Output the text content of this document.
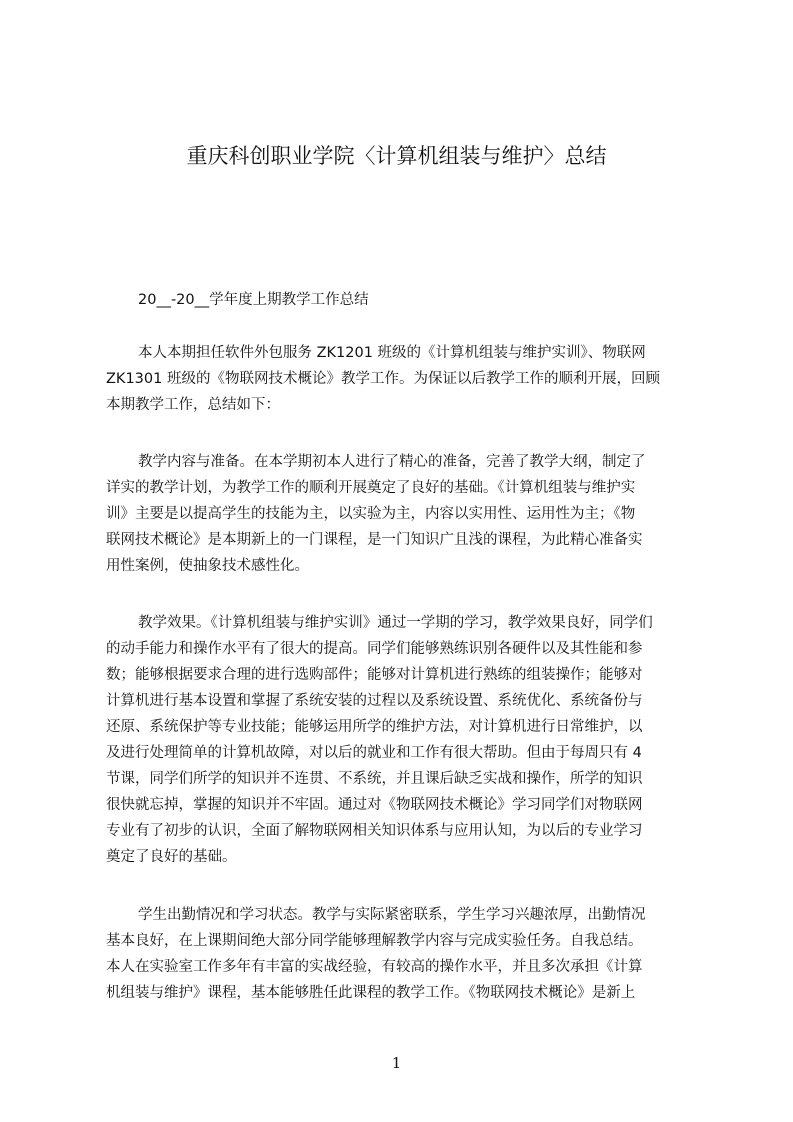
重庆科创职业学院〈计算机组装与维护〉总结
20__-20__学年度上期教学工作总结
本人本期担任软件外包服务 ZK1201 班级的《计算机组装与维护实训》、物联网
ZK1301 班级的《物联网技术概论》教学工作。为保证以后教学工作的顺利开展，回顾
本期教学工作，总结如下：
教学内容与准备。在本学期初本人进行了精心的准备，完善了教学大纲，制定了
详实的教学计划，为教学工作的顺利开展奠定了良好的基础。《计算机组装与维护实
训》主要是以提高学生的技能为主，以实验为主，内容以实用性、运用性为主；《物
联网技术概论》是本期新上的一门课程，是一门知识广且浅的课程，为此精心准备实
用性案例，使抽象技术感性化。
教学效果。《计算机组装与维护实训》通过一学期的学习，教学效果良好，同学们
的动手能力和操作水平有了很大的提高。同学们能够熟练识别各硬件以及其性能和参
数；能够根据要求合理的进行选购部件；能够对计算机进行熟练的组装操作；能够对
计算机进行基本设置和掌握了系统安装的过程以及系统设置、系统优化、系统备份与
还原、系统保护等专业技能；能够运用所学的维护方法，对计算机进行日常维护，以
及进行处理简单的计算机故障，对以后的就业和工作有很大帮助。但由于每周只有 4
节课，同学们所学的知识并不连贯、不系统，并且课后缺乏实战和操作，所学的知识
很快就忘掉，掌握的知识并不牢固。通过对《物联网技术概论》学习同学们对物联网
专业有了初步的认识，全面了解物联网相关知识体系与应用认知，为以后的专业学习
奠定了良好的基础。
学生出勤情况和学习状态。教学与实际紧密联系，学生学习兴趣浓厚，出勤情况
基本良好，在上课期间绝大部分同学能够理解教学内容与完成实验任务。自我总结。
本人在实验室工作多年有丰富的实战经验，有较高的操作水平，并且多次承担《计算
机组装与维护》课程，基本能够胜任此课程的教学工作。《物联网技术概论》是新上
1
